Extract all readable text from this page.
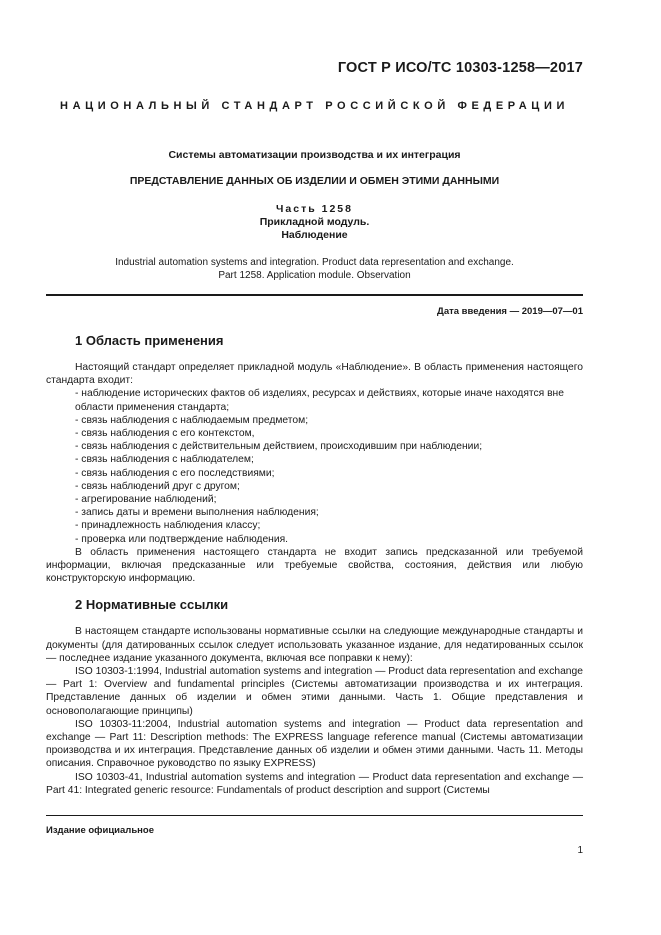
ГОСТ Р ИСО/ТС 10303-1258—2017
НАЦИОНАЛЬНЫЙ СТАНДАРТ РОССИЙСКОЙ ФЕДЕРАЦИИ
Системы автоматизации производства и их интеграция
ПРЕДСТАВЛЕНИЕ ДАННЫХ ОБ ИЗДЕЛИИ И ОБМЕН ЭТИМИ ДАННЫМИ
Часть 1258
Прикладной модуль.
Наблюдение
Industrial automation systems and integration. Product data representation and exchange.
Part 1258. Application module. Observation
Дата введения — 2019—07—01
1 Область применения

Настоящий стандарт определяет прикладной модуль «Наблюдение». В область применения настоящего стандарта входит:

- наблюдение исторических фактов об изделиях, ресурсах и действиях, которые иначе находятся вне области применения стандарта;
- связь наблюдения с наблюдаемым предметом;
- связь наблюдения с его контекстом,
- связь наблюдения с действительным действием, происходившим при наблюдении;
- связь наблюдения с наблюдателем;
- связь наблюдения с его последствиями;
- связь наблюдений друг с другом;
- агрегирование наблюдений;
- запись даты и времени выполнения наблюдения;
- принадлежность наблюдения классу;
- проверка или подтверждение наблюдения.

В область применения настоящего стандарта не входит запись предсказанной или требуемой информации, включая предсказанные или требуемые свойства, состояния, действия или любую конструкторскую информацию.

2 Нормативные ссылки

В настоящем стандарте использованы нормативные ссылки на следующие международные стандарты и документы (для датированных ссылок следует использовать указанное издание, для недатированных ссылок — последнее издание указанного документа, включая все поправки к нему):

ISO 10303-1:1994, Industrial automation systems and integration — Product data representation and exchange — Part 1: Overview and fundamental principles (Системы автоматизации производства и их интеграция. Представление данных об изделии и обмен этими данными. Часть 1. Общие представления и основополагающие принципы)

ISO 10303-11:2004, Industrial automation systems and integration — Product data representation and exchange — Part 11: Description methods: The EXPRESS language reference manual (Системы автоматизации производства и их интеграция. Представление данных об изделии и обмен этими данными. Часть 11. Методы описания. Справочное руководство по языку EXPRESS)

ISO 10303-41, Industrial automation systems and integration — Product data representation and exchange — Part 41: Integrated generic resource: Fundamentals of product description and support (Системы

Издание официальное
1
